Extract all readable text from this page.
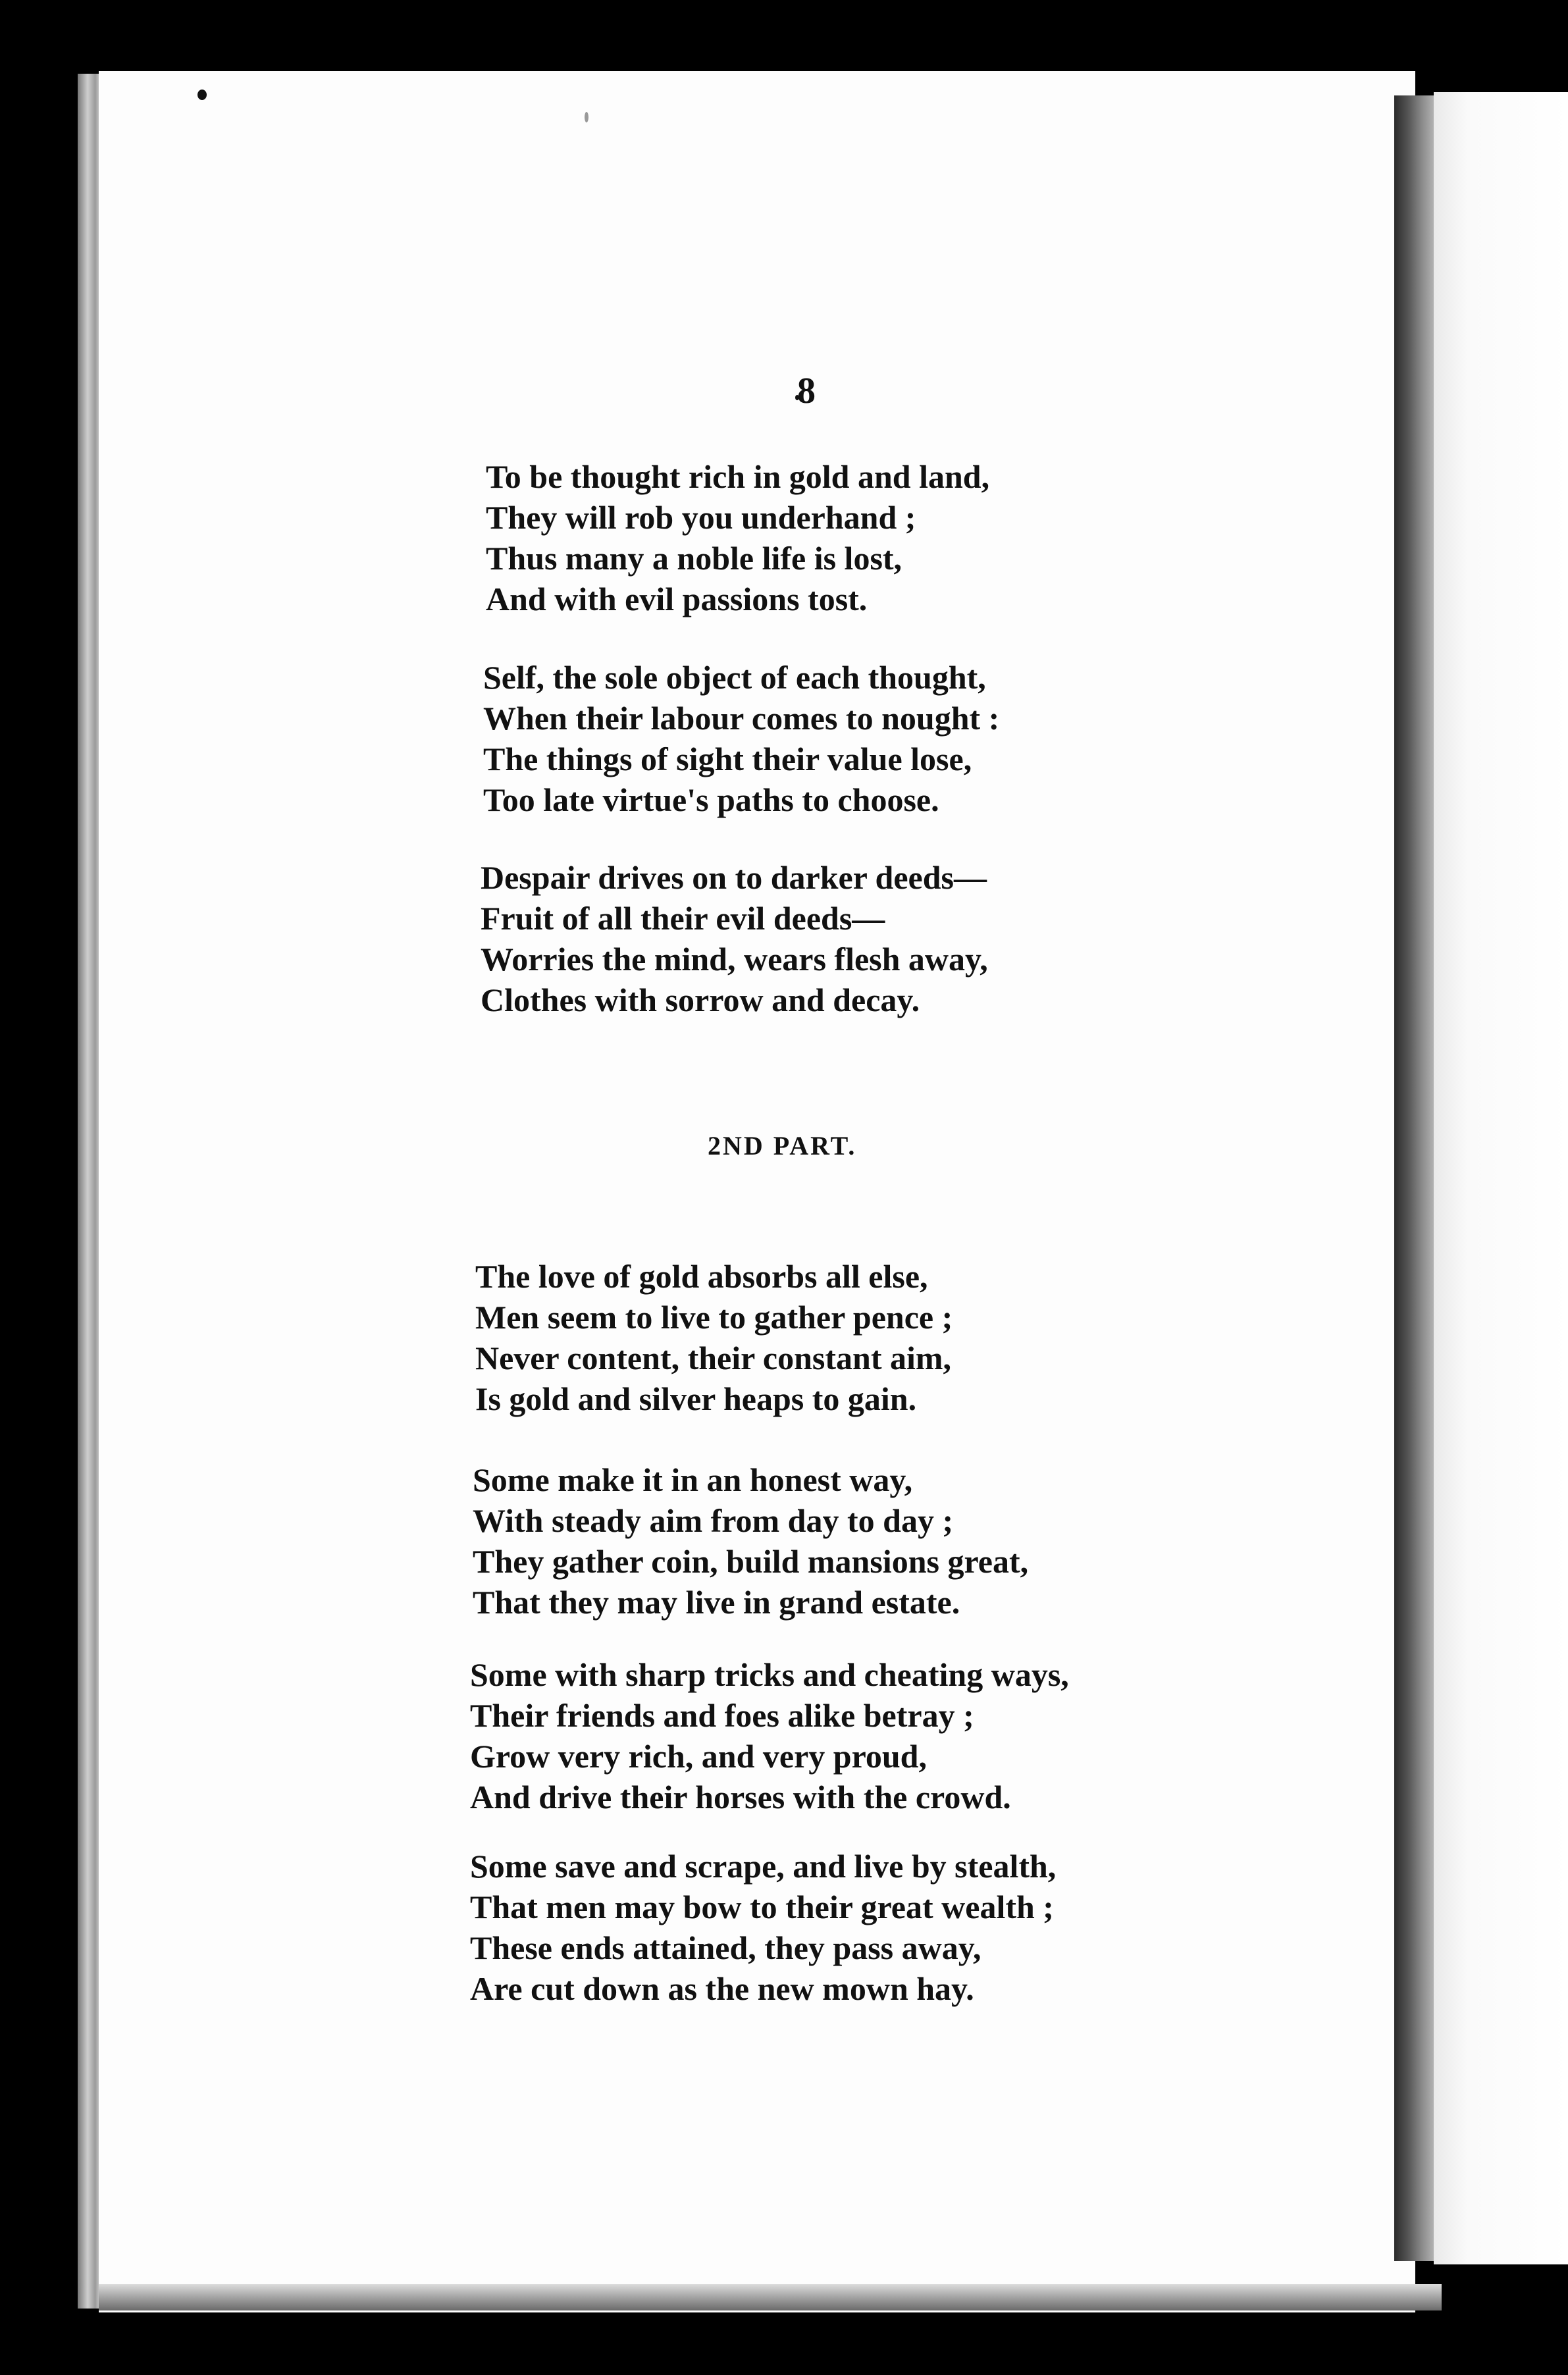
8
To be thought rich in gold and land,
They will rob you underhand ;
Thus many a noble life is lost,
And with evil passions tost.
Self, the sole object of each thought,
When their labour comes to nought :
The things of sight their value lose,
Too late virtue's paths to choose.
Despair drives on to darker deeds—
Fruit of all their evil deeds—
Worries the mind, wears flesh away,
Clothes with sorrow and decay.
2ND PART.
The love of gold absorbs all else,
Men seem to live to gather pence ;
Never content, their constant aim,
Is gold and silver heaps to gain.
Some make it in an honest way,
With steady aim from day to day ;
They gather coin, build mansions great,
That they may live in grand estate.
Some with sharp tricks and cheating ways,
Their friends and foes alike betray ;
Grow very rich, and very proud,
And drive their horses with the crowd.
Some save and scrape, and live by stealth,
That men may bow to their great wealth ;
These ends attained, they pass away,
Are cut down as the new mown hay.
